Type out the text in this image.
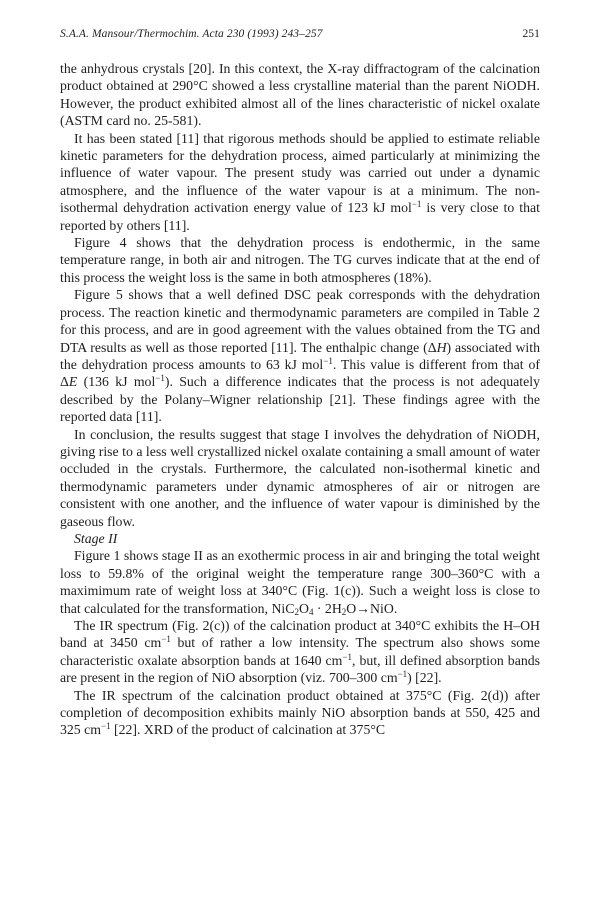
S.A.A. Mansour/Thermochim. Acta 230 (1993) 243–257	251

the anhydrous crystals [20]. In this context, the X-ray diffractogram of the calcination product obtained at 290°C showed a less crystalline material than the parent NiODH. However, the product exhibited almost all of the lines characteristic of nickel oxalate (ASTM card no. 25-581).

It has been stated [11] that rigorous methods should be applied to estimate reliable kinetic parameters for the dehydration process, aimed particularly at minimizing the influence of water vapour. The present study was carried out under a dynamic atmosphere, and the influence of the water vapour is at a minimum. The non-isothermal dehydration activation energy value of 123 kJ mol$^{-1}$ is very close to that reported by others [11].

Figure 4 shows that the dehydration process is endothermic, in the same temperature range, in both air and nitrogen. The TG curves indicate that at the end of this process the weight loss is the same in both atmospheres (18%).

Figure 5 shows that a well defined DSC peak corresponds with the dehydration process. The reaction kinetic and thermodynamic parameters are compiled in Table 2 for this process, and are in good agreement with the values obtained from the TG and DTA results as well as those reported [11]. The enthalpic change (ΔH) associated with the dehydration process amounts to 63 kJ mol$^{-1}$. This value is different from that of ΔE (136 kJ mol$^{-1}$). Such a difference indicates that the process is not adequately described by the Polany–Wigner relationship [21]. These findings agree with the reported data [11].

In conclusion, the results suggest that stage I involves the dehydration of NiODH, giving rise to a less well crystallized nickel oxalate containing a small amount of water occluded in the crystals. Furthermore, the calculated non-isothermal kinetic and thermodynamic parameters under dynamic atmospheres of air or nitrogen are consistent with one another, and the influence of water vapour is diminished by the gaseous flow.

Stage II

Figure 1 shows stage II as an exothermic process in air and bringing the total weight loss to 59.8% of the original weight the temperature range 300–360°C with a maximimum rate of weight loss at 340°C (Fig. 1(c)). Such a weight loss is close to that calculated for the transformation, $NiC_2O_4 \cdot 2H_2O\to NiO$.

The IR spectrum (Fig. 2(c)) of the calcination product at 340°C exhibits the H–OH band at 3450 $cm^{-1}$ but of rather a low intensity. The spectrum also shows some characteristic oxalate absorption bands at 1640 $cm^{-1}$, but, ill defined absorption bands are present in the region of NiO absorption (viz. 700–300 $cm^{-1}$) [22].

The IR spectrum of the calcination product obtained at 375°C (Fig. 2(d)) after completion of decomposition exhibits mainly NiO absorption bands at 550, 425 and 325 $cm^{-1}$ [22]. XRD of the product of calcination at 375°C
